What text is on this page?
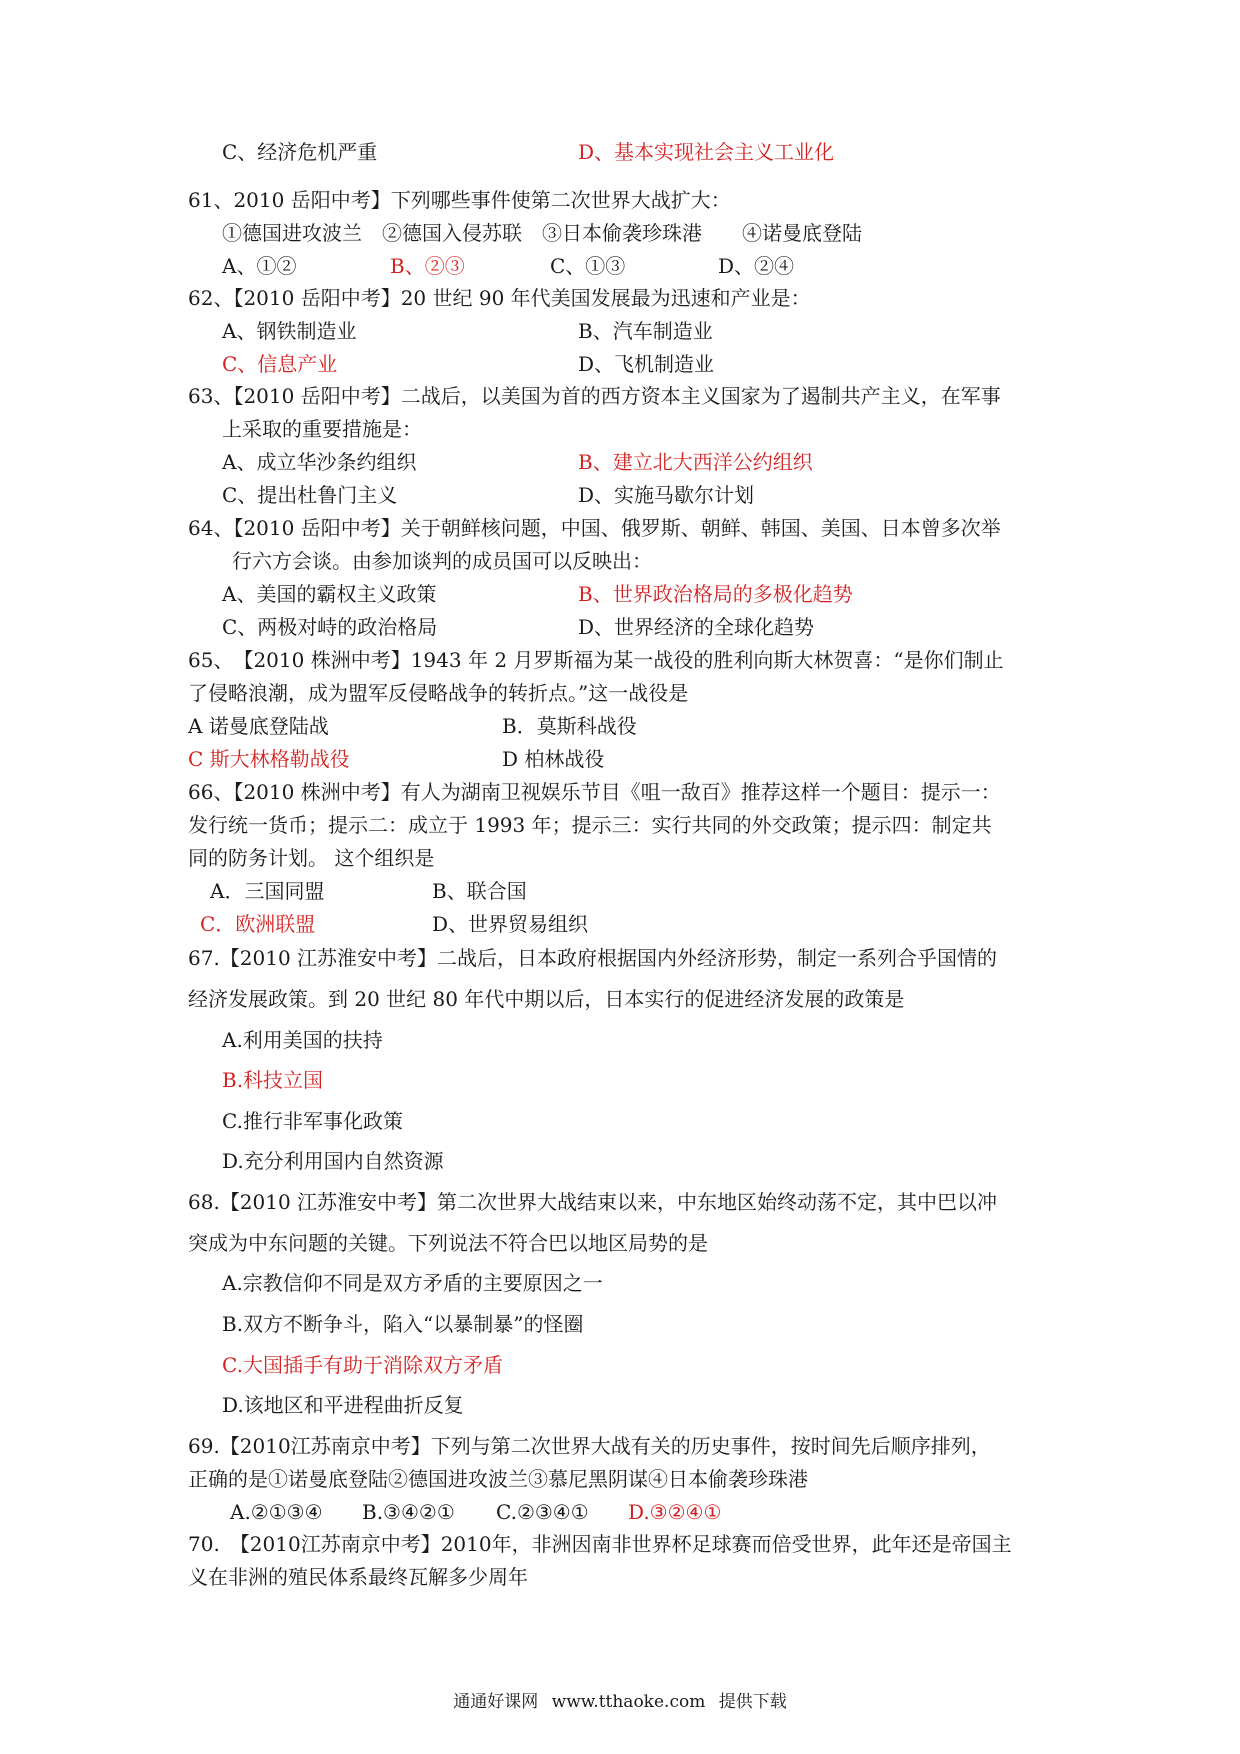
C、经济危机严重	D、基本实现社会主义工业化
61、2010 岳阳中考】下列哪些事件使第二次世界大战扩大：
①德国进攻波兰　②德国入侵苏联　③日本偷袭珍珠港　　④诺曼底登陆
A、①②	B、②③	C、①③	D、②④
62、【2010 岳阳中考】20 世纪 90 年代美国发展最为迅速和产业是：
A、钢铁制造业	B、汽车制造业
C、信息产业	D、飞机制造业
63、【2010 岳阳中考】二战后，以美国为首的西方资本主义国家为了遏制共产主义，在军事
上采取的重要措施是：
A、成立华沙条约组织	B、建立北大西洋公约组织
C、提出杜鲁门主义	D、实施马歇尔计划
64、【2010 岳阳中考】关于朝鲜核问题，中国、俄罗斯、朝鲜、韩国、美国、日本曾多次举
行六方会谈。由参加谈判的成员国可以反映出：
A、美国的霸权主义政策	B、世界政治格局的多极化趋势
C、两极对峙的政治格局	D、世界经济的全球化趋势
65、　【2010 株洲中考】1943 年 2 月罗斯福为某一战役的胜利向斯大林贺喜：“是你们制止
了侵略浪潮，成为盟军反侵略战争的转折点。”这一战役是
A 诺曼底登陆战	B．莫斯科战役
C 斯大林格勒战役	D 柏林战役
66、【2010 株洲中考】有人为湖南卫视娱乐节目《咀一敌百》推荐这样一个题目：提示一：
发行统一货币；提示二：成立于 1993 年；提示三：实行共同的外交政策；提示四：制定共
同的防务计划。 这个组织是
A．三国同盟	B、联合国
C．欧洲联盟	D、世界贸易组织
67.【2010 江苏淮安中考】二战后，日本政府根据国内外经济形势，制定一系列合乎国情的
经济发展政策。到 20 世纪 80 年代中期以后，日本实行的促进经济发展的政策是
A.利用美国的扶持
B.科技立国
C.推行非军事化政策
D.充分利用国内自然资源
68.【2010 江苏淮安中考】第二次世界大战结束以来，中东地区始终动荡不定，其中巴以冲
突成为中东问题的关键。下列说法不符合巴以地区局势的是
A.宗教信仰不同是双方矛盾的主要原因之一
B.双方不断争斗，陷入“以暴制暴”的怪圈
C.大国插手有助于消除双方矛盾
D.该地区和平进程曲折反复
69.【2010江苏南京中考】下列与第二次世界大战有关的历史事件，按时间先后顺序排列，
正确的是①诺曼底登陆②德国进攻波兰③慕尼黑阴谋④日本偷袭珍珠港
A.②①③④ B.③④②① C.②③④① D.③②④①
70.　【2010江苏南京中考】2010年，非洲因南非世界杯足球赛而倍受世界，此年还是帝国主
义在非洲的殖民体系最终瓦解多少周年
通通好课网 www.tthaoke.com 提供下载
